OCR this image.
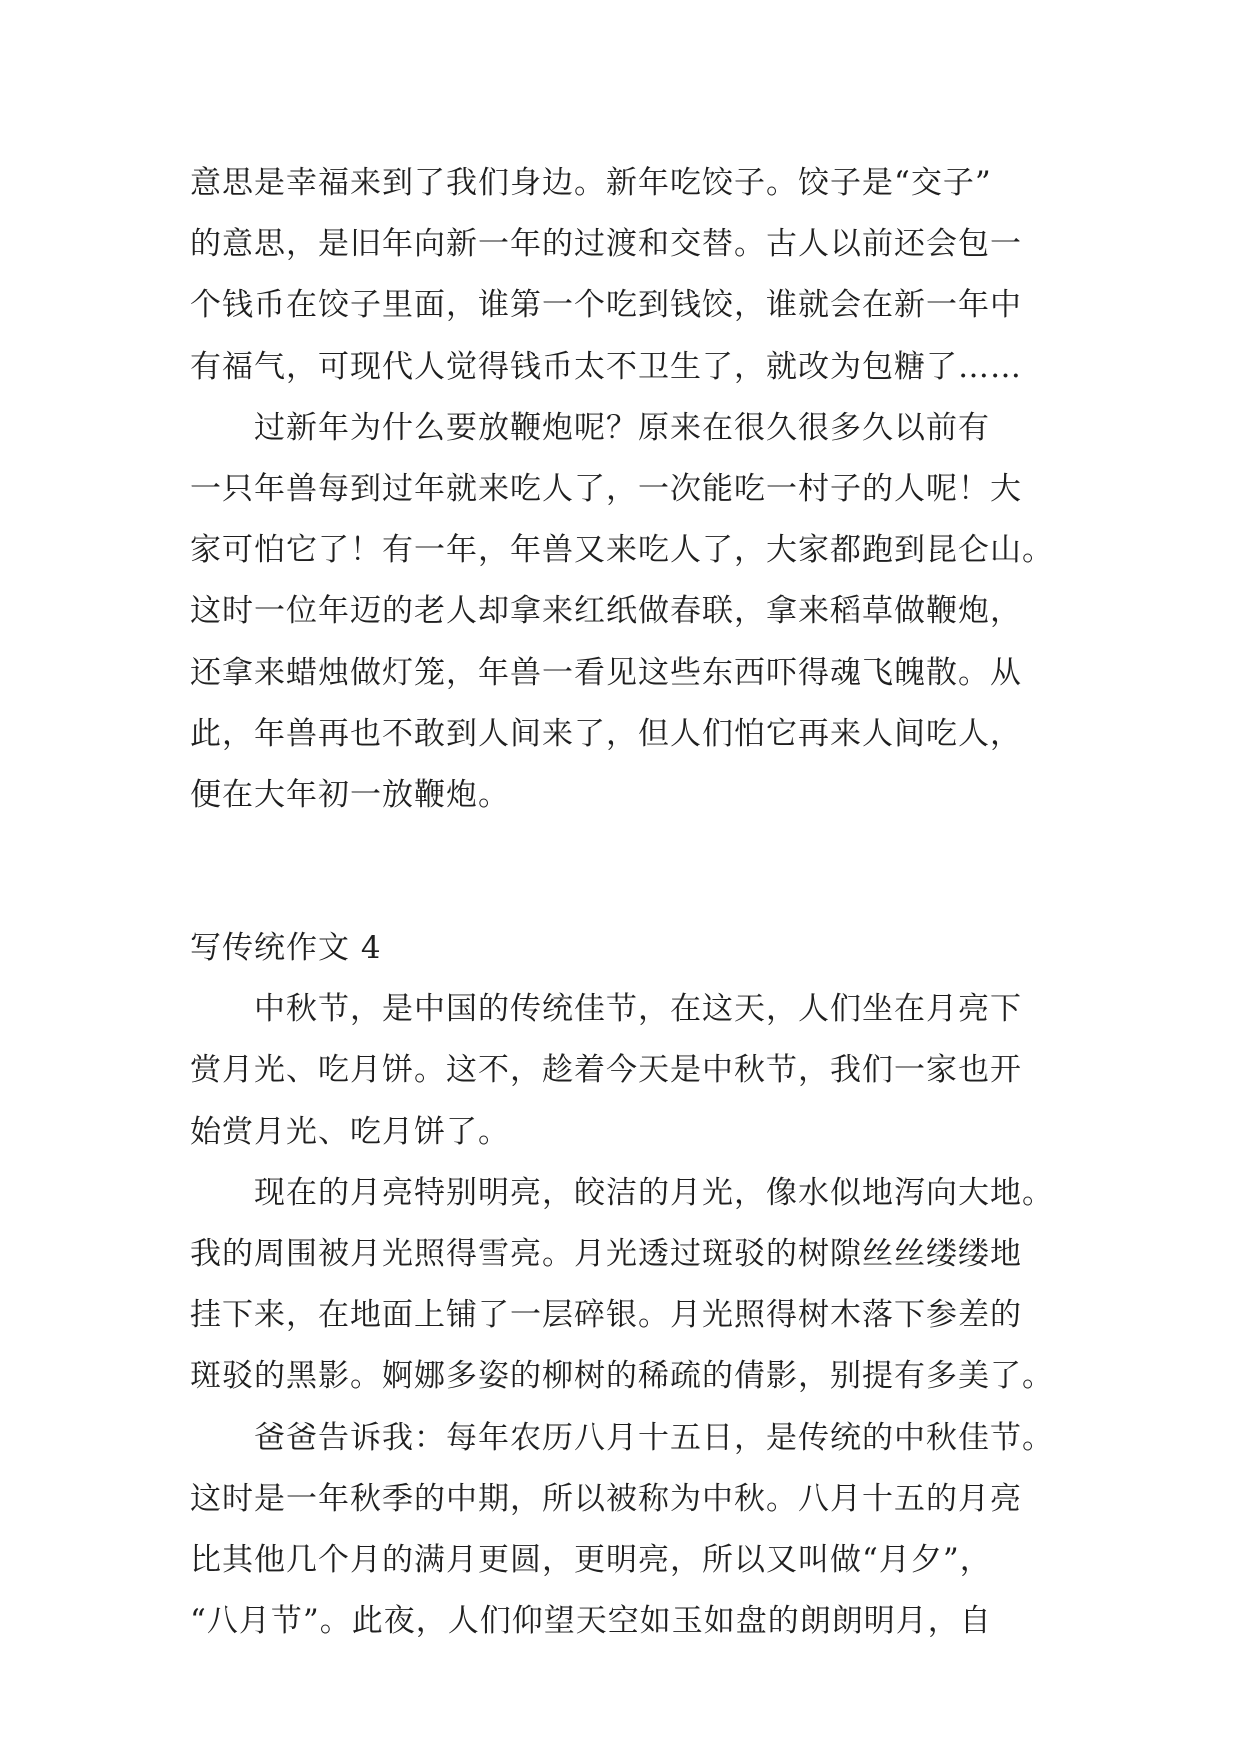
意思是幸福来到了我们身边。新年吃饺子。饺子是“交子”
的意思，是旧年向新一年的过渡和交替。古人以前还会包一
个钱币在饺子里面，谁第一个吃到钱饺，谁就会在新一年中
有福气，可现代人觉得钱币太不卫生了，就改为包糖了……
　　过新年为什么要放鞭炮呢？原来在很久很多久以前有
一只年兽每到过年就来吃人了，一次能吃一村子的人呢！大
家可怕它了！有一年，年兽又来吃人了，大家都跑到昆仑山。
这时一位年迈的老人却拿来红纸做春联，拿来稻草做鞭炮，
还拿来蜡烛做灯笼，年兽一看见这些东西吓得魂飞魄散。从
此，年兽再也不敢到人间来了，但人们怕它再来人间吃人，
便在大年初一放鞭炮。
写传统作文 4
　　中秋节，是中国的传统佳节，在这天，人们坐在月亮下
赏月光、吃月饼。这不，趁着今天是中秋节，我们一家也开
始赏月光、吃月饼了。
　　现在的月亮特别明亮，皎洁的月光，像水似地泻向大地。
我的周围被月光照得雪亮。月光透过斑驳的树隙丝丝缕缕地
挂下来，在地面上铺了一层碎银。月光照得树木落下参差的
斑驳的黑影。婀娜多姿的柳树的稀疏的倩影，别提有多美了。
　　爸爸告诉我：每年农历八月十五日，是传统的中秋佳节。
这时是一年秋季的中期，所以被称为中秋。八月十五的月亮
比其他几个月的满月更圆，更明亮，所以又叫做“月夕”，
“八月节”。此夜，人们仰望天空如玉如盘的朗朗明月，自
